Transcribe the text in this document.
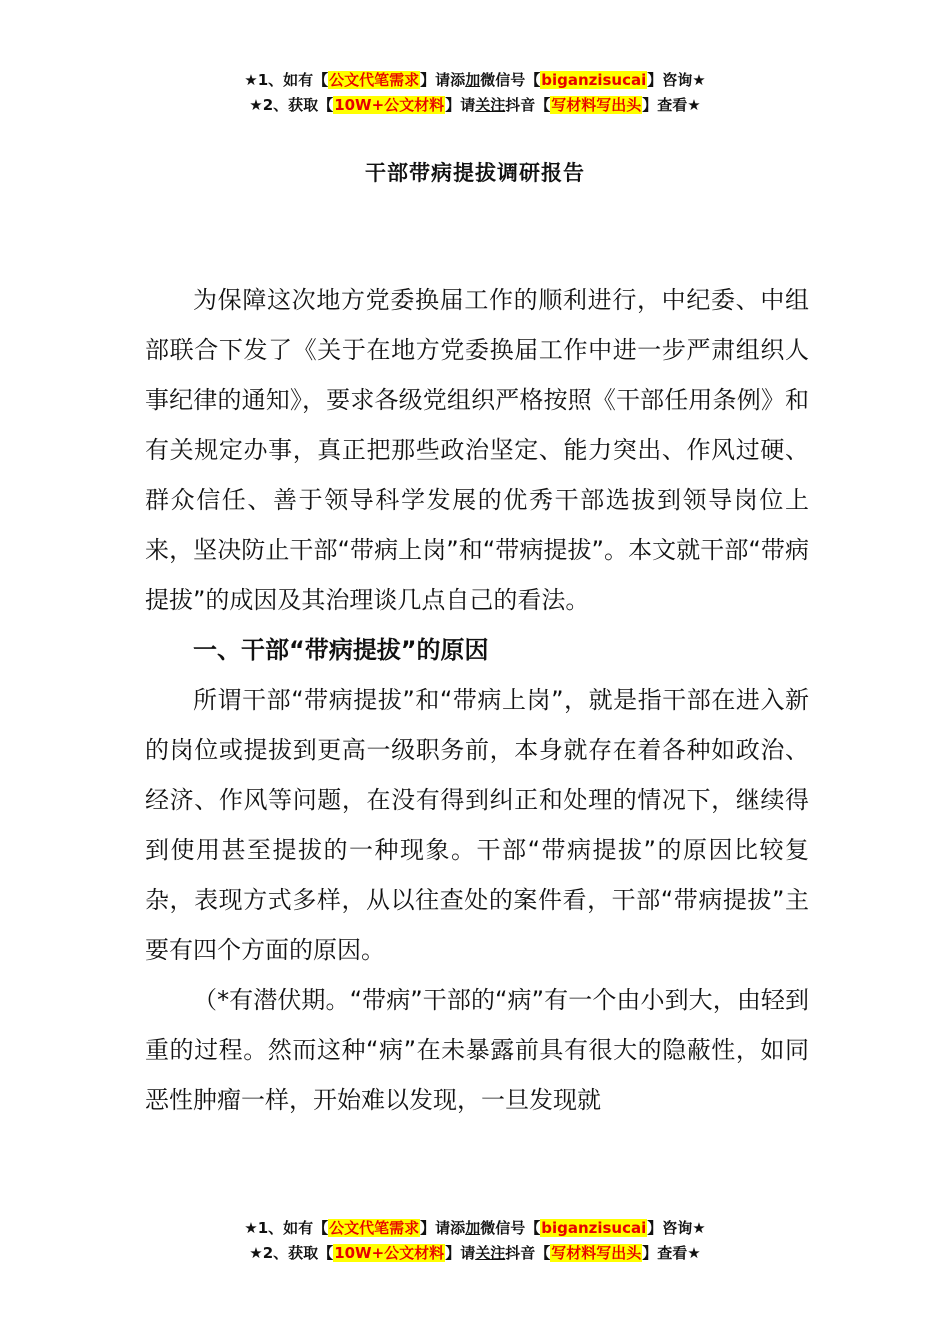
★1、如有【公文代笔需求】请添加微信号【biganzisucai】咨询★
★2、获取【10W+公文材料】请关注抖音【写材料写出头】查看★
干部带病提拔调研报告

为保障这次地方党委换届工作的顺利进行，中纪委、中组部联合下发了《关于在地方党委换届工作中进一步严肃组织人事纪律的通知》，要求各级党组织严格按照《干部任用条例》和有关规定办事，真正把那些政治坚定、能力突出、作风过硬、群众信任、善于领导科学发展的优秀干部选拔到领导岗位上来，坚决防止干部“带病上岗”和“带病提拔”。本文就干部“带病提拔”的成因及其治理谈几点自己的看法。

一、干部“带病提拔”的原因

所谓干部“带病提拔”和“带病上岗”，就是指干部在进入新的岗位或提拔到更高一级职务前，本身就存在着各种如政治、经济、作风等问题，在没有得到纠正和处理的情况下，继续得到使用甚至提拔的一种现象。干部“带病提拔”的原因比较复杂，表现方式多样，从以往查处的案件看，干部“带病提拔”主要有四个方面的原因。

（*有潜伏期。“带病”干部的“病”有一个由小到大，由轻到重的过程。然而这种“病”在未暴露前具有很大的隐蔽性，如同恶性肿瘤一样，开始难以发现，一旦发现就

★1、如有【公文代笔需求】请添加微信号【biganzisucai】咨询★
★2、获取【10W+公文材料】请关注抖音【写材料写出头】查看★
